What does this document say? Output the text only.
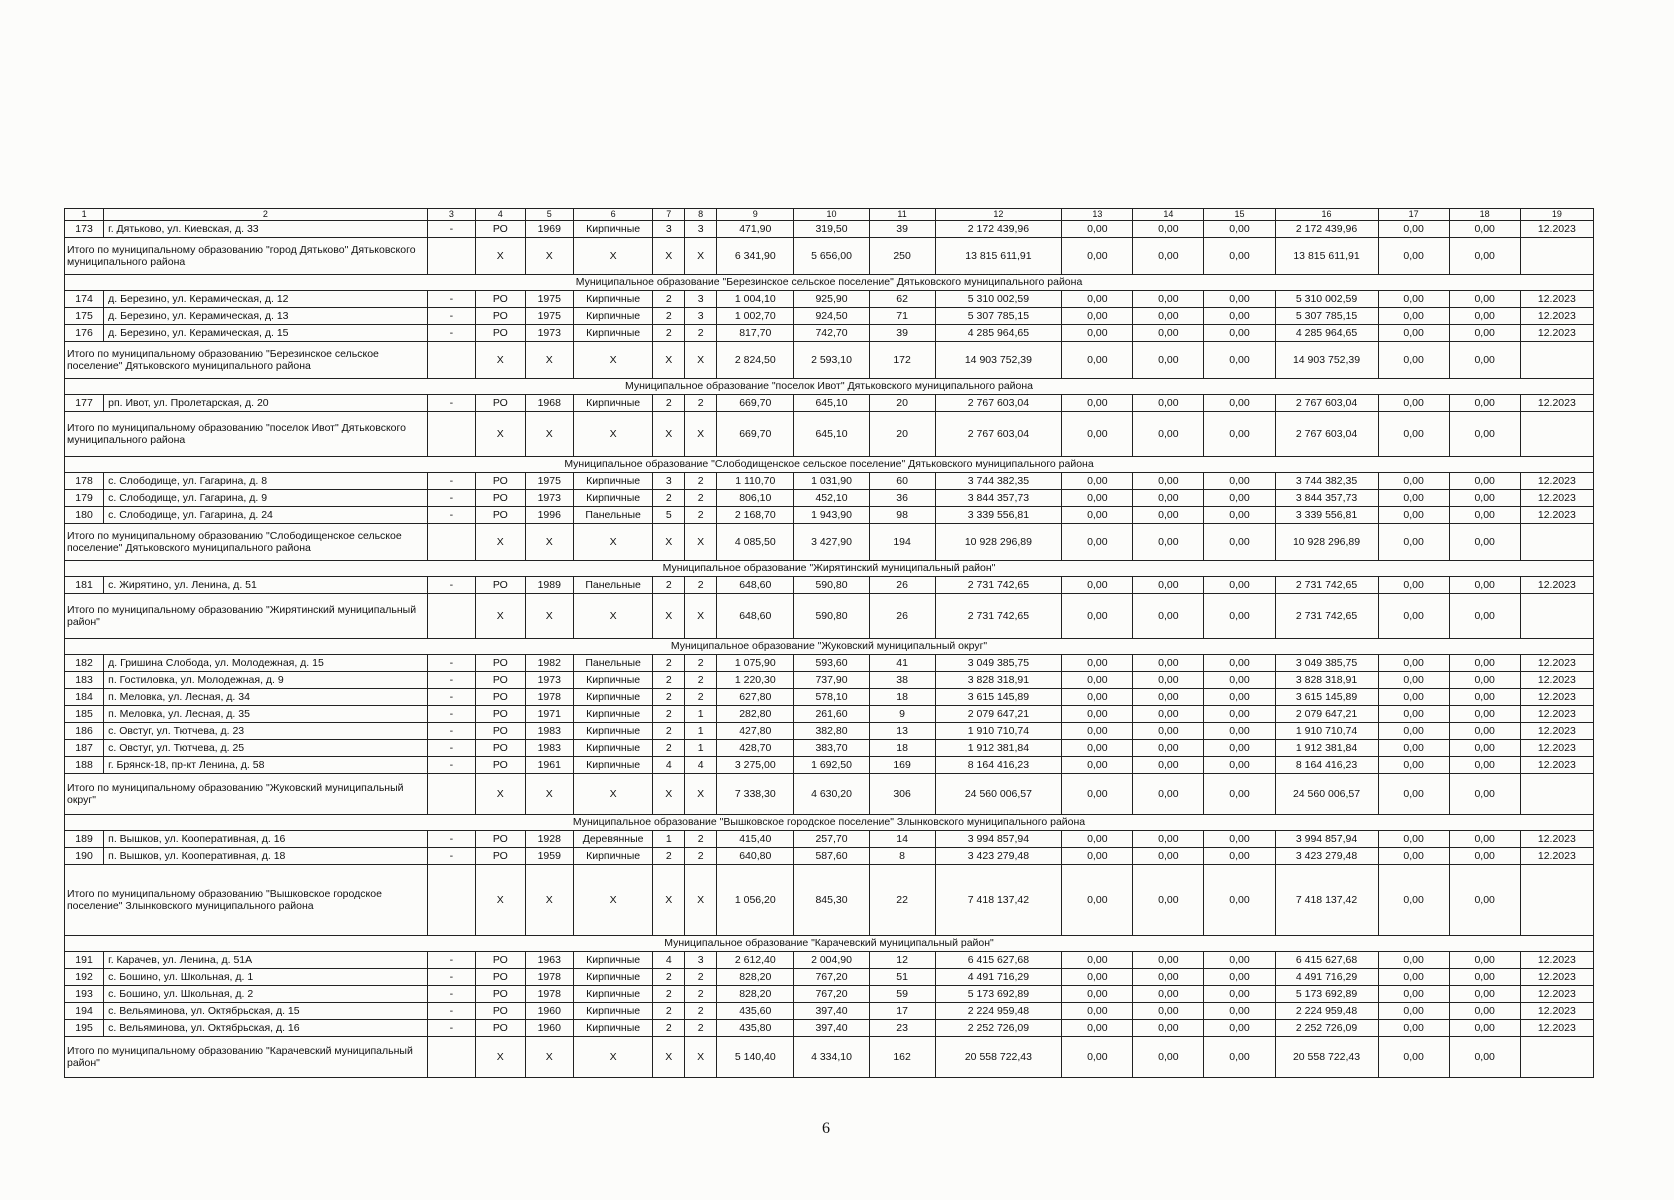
1	2	3	4	5	6	7	8	9	10	11	12	13	14	15	16	17	18	19
173	г. Дятьково, ул. Киевская, д. 33	-	РО	1969	Кирпичные	3	3	471,90	319,50	39	2 172 439,96	0,00	0,00	0,00	2 172 439,96	0,00	0,00	12.2023
Итого по муниципальному образованию "город Дятьково" Дятьковского муниципального района			X	X	X	X	X	6 341,90	5 656,00	250	13 815 611,91	0,00	0,00	0,00	13 815 611,91	0,00	0,00	
Муниципальное образование "Березинское сельское поселение" Дятьковского муниципального района																		
174	д. Березино, ул. Керамическая, д. 12	-	РО	1975	Кирпичные	2	3	1 004,10	925,90	62	5 310 002,59	0,00	0,00	0,00	5 310 002,59	0,00	0,00	12.2023
175	д. Березино, ул. Керамическая, д. 13	-	РО	1975	Кирпичные	2	3	1 002,70	924,50	71	5 307 785,15	0,00	0,00	0,00	5 307 785,15	0,00	0,00	12.2023
176	д. Березино, ул. Керамическая, д. 15	-	РО	1973	Кирпичные	2	2	817,70	742,70	39	4 285 964,65	0,00	0,00	0,00	4 285 964,65	0,00	0,00	12.2023
Итого по муниципальному образованию "Березинское сельское поселение" Дятьковского муниципального района			X	X	X	X	X	2 824,50	2 593,10	172	14 903 752,39	0,00	0,00	0,00	14 903 752,39	0,00	0,00	
Муниципальное образование "поселок Ивот" Дятьковского муниципального района																		
177	рп. Ивот, ул. Пролетарская, д. 20	-	РО	1968	Кирпичные	2	2	669,70	645,10	20	2 767 603,04	0,00	0,00	0,00	2 767 603,04	0,00	0,00	12.2023
Итого по муниципальному образованию "поселок Ивот" Дятьковского муниципального района			X	X	X	X	X	669,70	645,10	20	2 767 603,04	0,00	0,00	0,00	2 767 603,04	0,00	0,00	
Муниципальное образование "Слободищенское сельское поселение" Дятьковского муниципального района																		
178	с. Слободище, ул. Гагарина, д. 8	-	РО	1975	Кирпичные	3	2	1 110,70	1 031,90	60	3 744 382,35	0,00	0,00	0,00	3 744 382,35	0,00	0,00	12.2023
179	с. Слободище, ул. Гагарина, д. 9	-	РО	1973	Кирпичные	2	2	806,10	452,10	36	3 844 357,73	0,00	0,00	0,00	3 844 357,73	0,00	0,00	12.2023
180	с. Слободище, ул. Гагарина, д. 24	-	РО	1996	Панельные	5	2	2 168,70	1 943,90	98	3 339 556,81	0,00	0,00	0,00	3 339 556,81	0,00	0,00	12.2023
Итого по муниципальному образованию "Слободищенское сельское поселение" Дятьковского муниципального района			X	X	X	X	X	4 085,50	3 427,90	194	10 928 296,89	0,00	0,00	0,00	10 928 296,89	0,00	0,00	
Муниципальное образование "Жирятинский муниципальный район"																		
181	с. Жирятино, ул. Ленина, д. 51	-	РО	1989	Панельные	2	2	648,60	590,80	26	2 731 742,65	0,00	0,00	0,00	2 731 742,65	0,00	0,00	12.2023
Итого по муниципальному образованию "Жирятинский муниципальный район"			X	X	X	X	X	648,60	590,80	26	2 731 742,65	0,00	0,00	0,00	2 731 742,65	0,00	0,00	
Муниципальное образование "Жуковский муниципальный округ"																		
182	д. Гришина Слобода, ул. Молодежная, д. 15	-	РО	1982	Панельные	2	2	1 075,90	593,60	41	3 049 385,75	0,00	0,00	0,00	3 049 385,75	0,00	0,00	12.2023
183	п. Гостиловка, ул. Молодежная, д. 9	-	РО	1973	Кирпичные	2	2	1 220,30	737,90	38	3 828 318,91	0,00	0,00	0,00	3 828 318,91	0,00	0,00	12.2023
184	п. Меловка, ул. Лесная, д. 34	-	РО	1978	Кирпичные	2	2	627,80	578,10	18	3 615 145,89	0,00	0,00	0,00	3 615 145,89	0,00	0,00	12.2023
185	п. Меловка, ул. Лесная, д. 35	-	РО	1971	Кирпичные	2	1	282,80	261,60	9	2 079 647,21	0,00	0,00	0,00	2 079 647,21	0,00	0,00	12.2023
186	с. Овстуг, ул. Тютчева, д. 23	-	РО	1983	Кирпичные	2	1	427,80	382,80	13	1 910 710,74	0,00	0,00	0,00	1 910 710,74	0,00	0,00	12.2023
187	с. Овстуг, ул. Тютчева, д. 25	-	РО	1983	Кирпичные	2	1	428,70	383,70	18	1 912 381,84	0,00	0,00	0,00	1 912 381,84	0,00	0,00	12.2023
188	г. Брянск-18, пр-кт Ленина, д. 58	-	РО	1961	Кирпичные	4	4	3 275,00	1 692,50	169	8 164 416,23	0,00	0,00	0,00	8 164 416,23	0,00	0,00	12.2023
Итого по муниципальному образованию "Жуковский муниципальный округ"			X	X	X	X	X	7 338,30	4 630,20	306	24 560 006,57	0,00	0,00	0,00	24 560 006,57	0,00	0,00	
Муниципальное образование "Вышковское городское поселение" Злынковского муниципального района																		
189	п. Вышков, ул. Кооперативная, д. 16	-	РО	1928	Деревянные	1	2	415,40	257,70	14	3 994 857,94	0,00	0,00	0,00	3 994 857,94	0,00	0,00	12.2023
190	п. Вышков, ул. Кооперативная, д. 18	-	РО	1959	Кирпичные	2	2	640,80	587,60	8	3 423 279,48	0,00	0,00	0,00	3 423 279,48	0,00	0,00	12.2023
Итого по муниципальному образованию "Вышковское городское поселение" Злынковского муниципального района			X	X	X	X	X	1 056,20	845,30	22	7 418 137,42	0,00	0,00	0,00	7 418 137,42	0,00	0,00	
Муниципальное образование "Карачевский муниципальный район"																		
191	г. Карачев, ул. Ленина, д. 51А	-	РО	1963	Кирпичные	4	3	2 612,40	2 004,90	12	6 415 627,68	0,00	0,00	0,00	6 415 627,68	0,00	0,00	12.2023
192	с. Бошино, ул. Школьная, д. 1	-	РО	1978	Кирпичные	2	2	828,20	767,20	51	4 491 716,29	0,00	0,00	0,00	4 491 716,29	0,00	0,00	12.2023
193	с. Бошино, ул. Школьная, д. 2	-	РО	1978	Кирпичные	2	2	828,20	767,20	59	5 173 692,89	0,00	0,00	0,00	5 173 692,89	0,00	0,00	12.2023
194	с. Вельяминова, ул. Октябрьская, д. 15	-	РО	1960	Кирпичные	2	2	435,60	397,40	17	2 224 959,48	0,00	0,00	0,00	2 224 959,48	0,00	0,00	12.2023
195	с. Вельяминова, ул. Октябрьская, д. 16	-	РО	1960	Кирпичные	2	2	435,80	397,40	23	2 252 726,09	0,00	0,00	0,00	2 252 726,09	0,00	0,00	12.2023
Итого по муниципальному образованию "Карачевский муниципальный район"			X	X	X	X	X	5 140,40	4 334,10	162	20 558 722,43	0,00	0,00	0,00	20 558 722,43	0,00	0,00	
6
